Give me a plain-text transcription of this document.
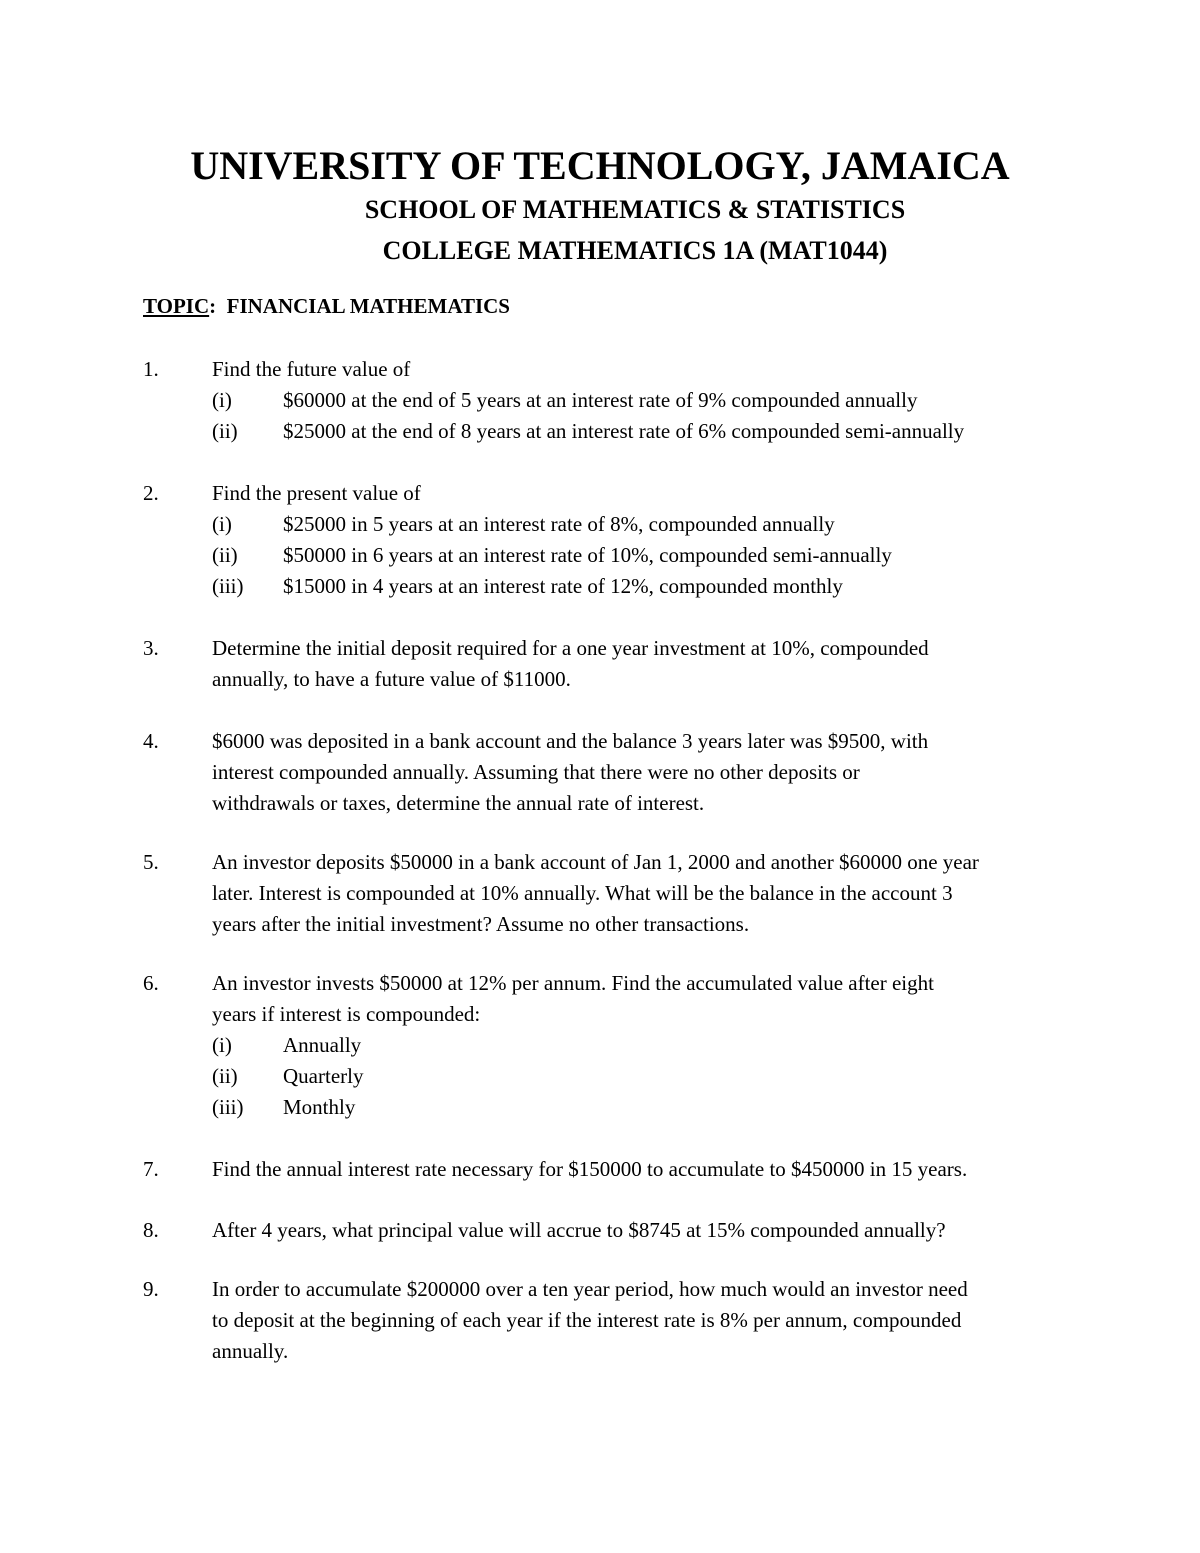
UNIVERSITY OF TECHNOLOGY, JAMAICA
SCHOOL OF MATHEMATICS & STATISTICS
COLLEGE MATHEMATICS 1A (MAT1044)
TOPIC: FINANCIAL MATHEMATICS
1.	Find the future value of
(i) $60000 at the end of 5 years at an interest rate of 9% compounded annually
(ii) $25000 at the end of 8 years at an interest rate of 6% compounded semi-annually
2.	Find the present value of
(i) $25000 in 5 years at an interest rate of 8%, compounded annually
(ii) $50000 in 6 years at an interest rate of 10%, compounded semi-annually
(iii) $15000 in 4 years at an interest rate of 12%, compounded monthly
3.	Determine the initial deposit required for a one year investment at 10%, compounded
annually, to have a future value of $11000.
4.	$6000 was deposited in a bank account and the balance 3 years later was $9500, with
interest compounded annually. Assuming that there were no other deposits or
withdrawals or taxes, determine the annual rate of interest.
5.	An investor deposits $50000 in a bank account of Jan 1, 2000 and another $60000 one year
later. Interest is compounded at 10% annually. What will be the balance in the account 3
years after the initial investment? Assume no other transactions.
6.	An investor invests $50000 at 12% per annum. Find the accumulated value after eight
years if interest is compounded:
(i) Annually
(ii) Quarterly
(iii) Monthly
7.	Find the annual interest rate necessary for $150000 to accumulate to $450000 in 15 years.
8.	After 4 years, what principal value will accrue to $8745 at 15% compounded annually?
9.	In order to accumulate $200000 over a ten year period, how much would an investor need
to deposit at the beginning of each year if the interest rate is 8% per annum, compounded
annually.
